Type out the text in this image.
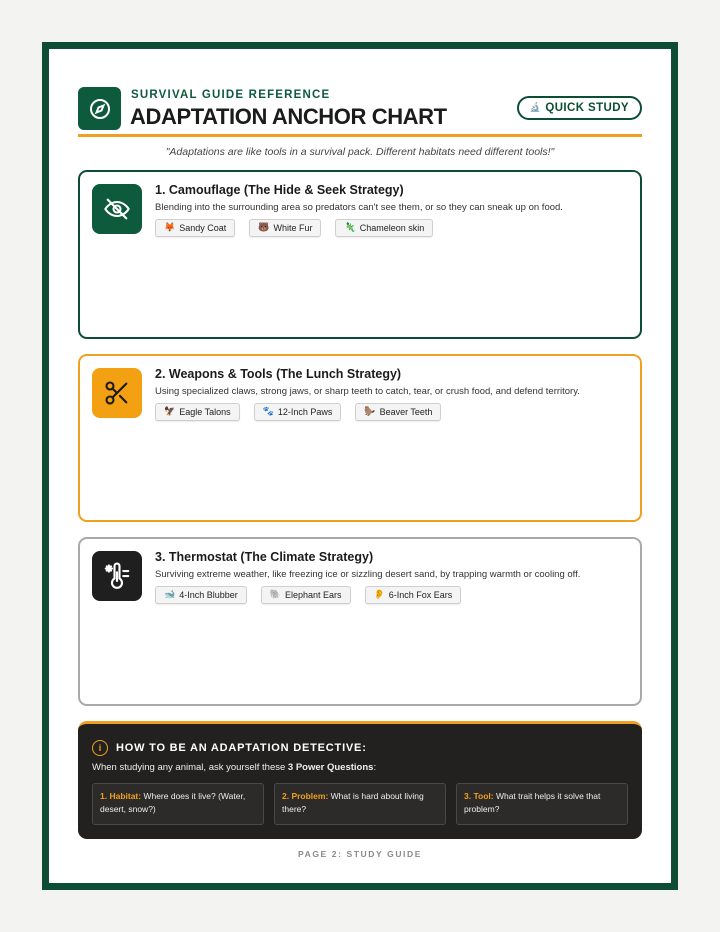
SURVIVAL GUIDE REFERENCE
ADAPTATION ANCHOR CHART	🔬 QUICK STUDY
"Adaptations are like tools in a survival pack. Different habitats need different tools!"
1. Camouflage (The Hide & Seek Strategy)
Blending into the surrounding area so predators can't see them, or so they can sneak up on food.
🦊 Sandy Coat	🐻 White Fur	🦎 Chameleon skin
2. Weapons & Tools (The Lunch Strategy)
Using specialized claws, strong jaws, or sharp teeth to catch, tear, or crush food, and defend territory.
🦅 Eagle Talons	🐾 12-Inch Paws	🦫 Beaver Teeth
3. Thermostat (The Climate Strategy)
Surviving extreme weather, like freezing ice or sizzling desert sand, by trapping warmth or cooling off.
🐋 4-Inch Blubber	🐘 Elephant Ears	👂 6-Inch Fox Ears
i	HOW TO BE AN ADAPTATION DETECTIVE:
When studying any animal, ask yourself these 3 Power Questions:
1. Habitat: Where does it live? (Water, desert, snow?)
2. Problem: What is hard about living there?
3. Tool: What trait helps it solve that problem?
PAGE 2: STUDY GUIDE
